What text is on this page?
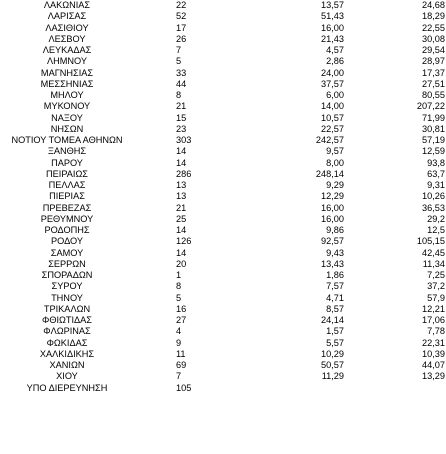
ΛΑΚΩΝΙΑΣ	22	13,57	24,68
ΛΑΡΙΣΑΣ	52	51,43	18,29
ΛΑΣΙΘΙΟΥ	17	16,00	22,55
ΛΕΣΒΟΥ	26	21,43	30,08
ΛΕΥΚΑΔΑΣ	7	4,57	29,54
ΛΗΜΝΟΥ	5	2,86	28,97
ΜΑΓΝΗΣΙΑΣ	33	24,00	17,37
ΜΕΣΣΗΝΙΑΣ	44	37,57	27,51
ΜΗΛΟΥ	8	6,00	80,55
ΜΥΚΟΝΟΥ	21	14,00	207,22
ΝΑΞΟΥ	15	10,57	71,99
ΝΗΣΩΝ	23	22,57	30,81
ΝΟΤΙΟΥ ΤΟΜΕΑ ΑΘΗΝΩΝ	303	242,57	57,19
ΞΑΝΘΗΣ	14	9,57	12,59
ΠΑΡΟΥ	14	8,00	93,8
ΠΕΙΡΑΙΩΣ	286	248,14	63,7
ΠΕΛΛΑΣ	13	9,29	9,31
ΠΙΕΡΙΑΣ	13	12,29	10,26
ΠΡΕΒΕΖΑΣ	21	16,00	36,53
ΡΕΘΥΜΝΟΥ	25	16,00	29,2
ΡΟΔΟΠΗΣ	14	9,86	12,5
ΡΟΔΟΥ	126	92,57	105,15
ΣΑΜΟΥ	14	9,43	42,45
ΣΕΡΡΩΝ	20	13,43	11,34
ΣΠΟΡΑΔΩΝ	1	1,86	7,25
ΣΥΡΟΥ	8	7,57	37,2
ΤΗΝΟΥ	5	4,71	57,9
ΤΡΙΚΑΛΩΝ	16	8,57	12,21
ΦΘΙΩΤΙΔΑΣ	27	24,14	17,06
ΦΛΩΡΙΝΑΣ	4	1,57	7,78
ΦΩΚΙΔΑΣ	9	5,57	22,31
ΧΑΛΚΙΔΙΚΗΣ	11	10,29	10,39
ΧΑΝΙΩΝ	69	50,57	44,07
ΧΙΟΥ	7	11,29	13,29
ΥΠΟ ΔΙΕΡΕΥΝΗΣΗ	105
